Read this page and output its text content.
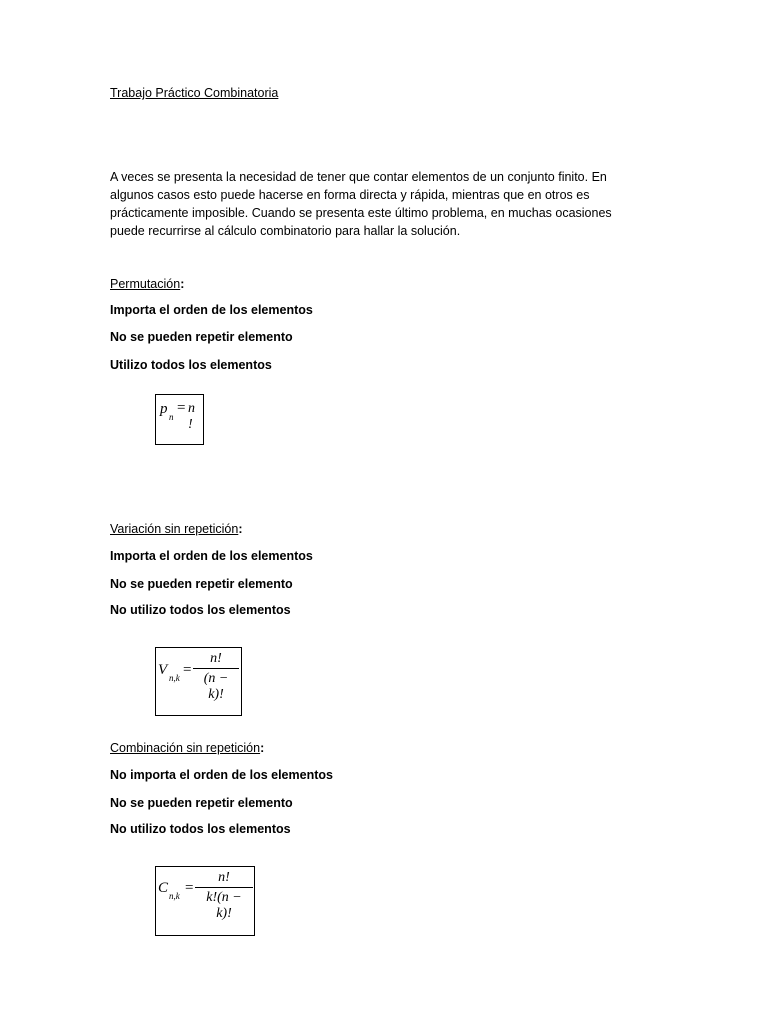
Trabajo Práctico Combinatoria
A veces se presenta la necesidad de tener que contar elementos de un conjunto finito. En
algunos casos esto puede hacerse en forma directa y rápida, mientras que en otros es
prácticamente imposible. Cuando se presenta este último problema, en muchas ocasiones
puede recurrirse al cálculo combinatorio para hallar la solución.
Permutación:
Importa el orden de los elementos
No se pueden repetir elemento
Utilizo todos los elementos
p n
= n !
Variación sin repetición:
Importa el orden de los elementos
No se pueden repetir elemento
No utilizo todos los elementos
V n,k =
n!
(n − k)!
Combinación sin repetición:
No importa el orden de los elementos
No se pueden repetir elemento
No utilizo todos los elementos
C n,k =
n!
k!(n − k)!
